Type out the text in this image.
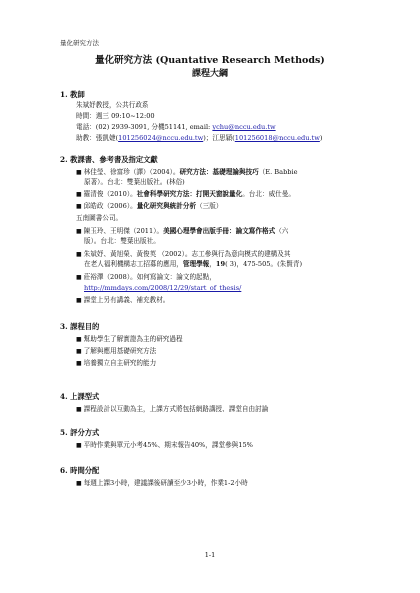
量化研究方法
量化研究方法 (Quantative Research Methods)
課程大綱
1. 教師
朱斌妤教授，公共行政系
時間：週三 09:10~12:00
電話：(02) 2939-3091, 分機51141, email: ychu@nccu.edu.tw
助教：張凱婕(101256024@nccu.edu.tw)；江思穎(101256018@nccu.edu.tw)
2. 教課書、參考書及指定文獻
■ 林佳瑩、徐富珍（譯）（2004）。研究方法：基礎理論與技巧（E. Babbie
原著）。台北：雙葉出版社。(林俗)
■ 羅清俊（2010）。社會科學研究方法：打開天窗說量化。台北：威仕曼。
■ 邱皓政（2006）。量化研究與統計分析（三版）
五南圖書公司。
■ 陳玉玲、王明傑（2011）。美國心理學會出版手冊：論文寫作格式（六
版）。台北：雙葉出版社。
■ 朱斌妤、黃旭榮、黃俊英 （2002）。志工參與行為意向模式的建構及其
在老人福利機構志工招募的應用，管理學報，19( 3)，475-505。(朱賢青)
■ 莊裕澤（2008）。如何寫論文：論文的起點，
http://mmdays.com/2008/12/29/start_of_thesis/
■ 課堂上另有講義、補充教材。
3. 課程目的
■ 幫助學生了解實證為主的研究過程
■ 了解與應用基礎研究方法
■ 培養獨立自主研究的能力
4. 上課型式
■ 課程設計以互動為主，上課方式將包括網路講授、課堂自由討論
5. 評分方式
■ 平時作業與單元小考45%、期末報告40%，課堂參與15%
6. 時間分配
■ 每週上課3小時，建議課後研讀至少3小時，作業1-2小時
1-1
